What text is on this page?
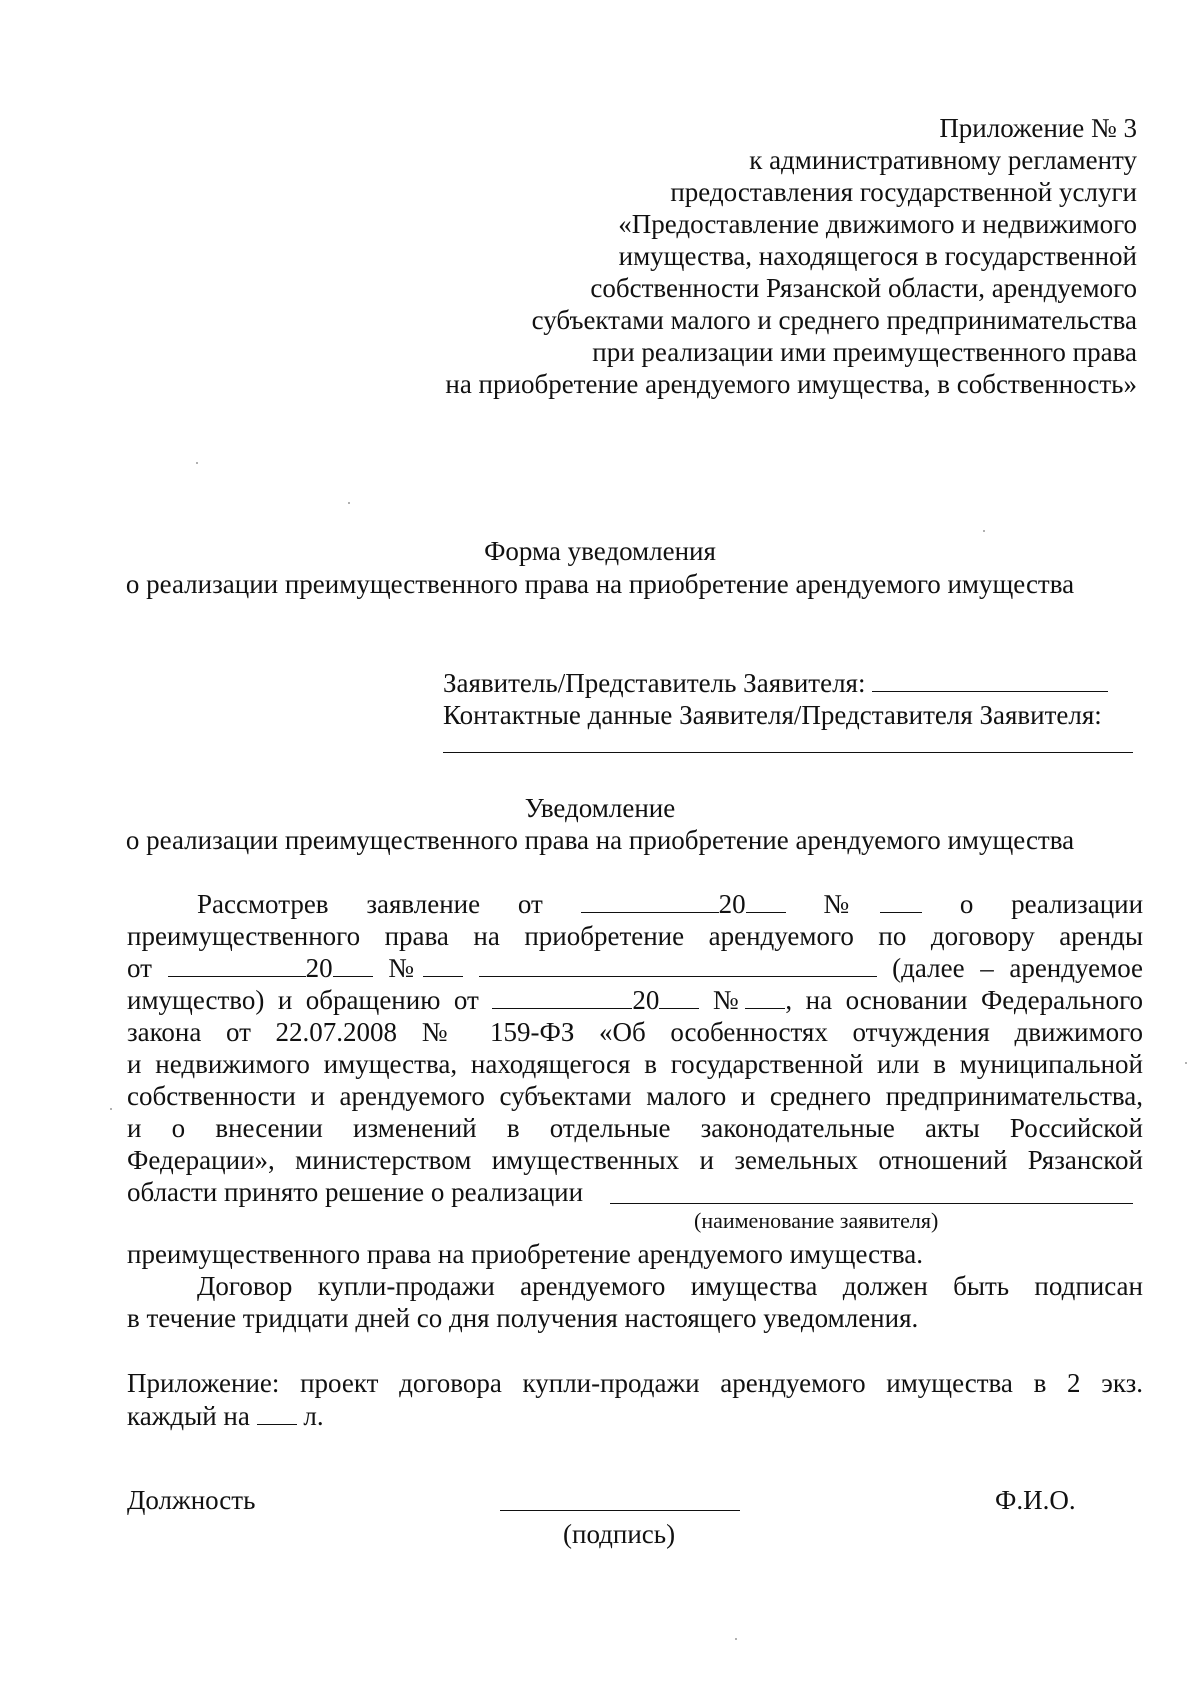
Приложение № 3
к административному регламенту
предоставления государственной услуги
«Предоставление движимого и недвижимого
имущества, находящегося в государственной
собственности Рязанской области, арендуемого
субъектами малого и среднего предпринимательства
при реализации ими преимущественного права
на приобретение арендуемого имущества, в собственность»
Форма уведомления
о реализации преимущественного права на приобретение арендуемого имущества
Заявитель/Представитель Заявителя:
Контактные данные Заявителя/Представителя Заявителя:
Уведомление
о реализации преимущественного права на приобретение арендуемого имущества
Рассмотрев заявление от	20	№	о реализации
преимущественного права на приобретение арендуемого по договору аренды
от	20 №	(далее – арендуемое
имущество) и обращению от	20 № , на основании Федерального
закона от 22.07.2008 № 159-ФЗ «Об особенностях отчуждения движимого
и недвижимого имущества, находящегося в государственной или в муниципальной
собственности и арендуемого субъектами малого и среднего предпринимательства,
и о внесении изменений в отдельные законодательные акты Российской
Федерации», министерством имущественных и земельных отношений Рязанской
области принято решение о реализации
(наименование заявителя)
преимущественного права на приобретение арендуемого имущества.
Договор купли-продажи арендуемого имущества должен быть подписан
в течение тридцати дней со дня получения настоящего уведомления.
Приложение: проект договора купли-продажи арендуемого имущества в 2 экз.
каждый на л.
Должность
(подпись)
Ф.И.О.
